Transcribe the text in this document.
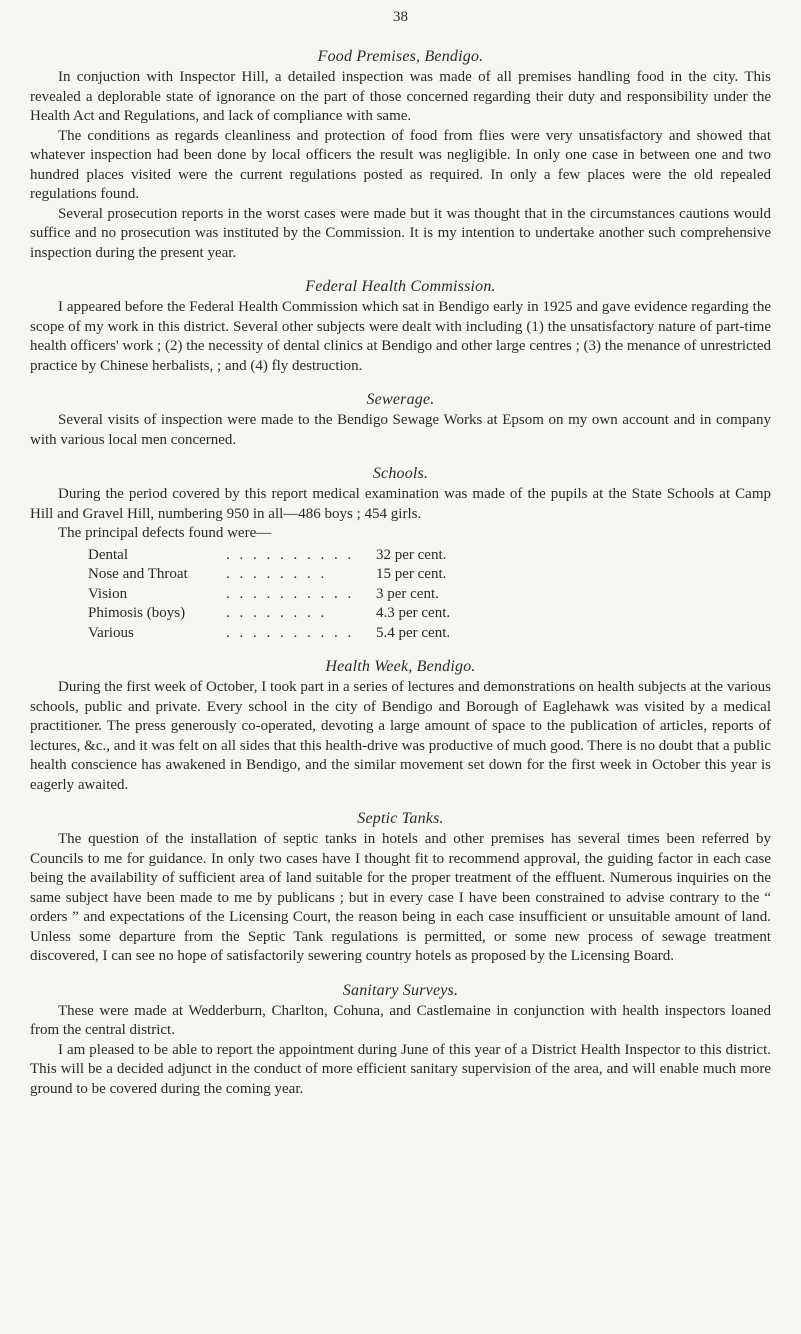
38
Food Premises, Bendigo.

In conjuction with Inspector Hill, a detailed inspection was made of all premises handling food in the city. This revealed a deplorable state of ignorance on the part of those concerned regarding their duty and responsibility under the Health Act and Regulations, and lack of compliance with same.

The conditions as regards cleanliness and protection of food from flies were very unsatisfactory and showed that whatever inspection had been done by local officers the result was negligible. In only one case in between one and two hundred places visited were the current regulations posted as required. In only a few places were the old repealed regulations found.

Several prosecution reports in the worst cases were made but it was thought that in the circumstances cautions would suffice and no prosecution was instituted by the Commission. It is my intention to undertake another such comprehensive inspection during the present year.

Federal Health Commission.

I appeared before the Federal Health Commission which sat in Bendigo early in 1925 and gave evidence regarding the scope of my work in this district. Several other subjects were dealt with including (1) the unsatisfactory nature of part-time health officers' work ; (2) the necessity of dental clinics at Bendigo and other large centres ; (3) the menance of unrestricted practice by Chinese herbalists, ; and (4) fly destruction.

Sewerage.

Several visits of inspection were made to the Bendigo Sewage Works at Epsom on my own account and in company with various local men concerned.

Schools.

During the period covered by this report medical examination was made of the pupils at the State Schools at Camp Hill and Gravel Hill, numbering 950 in all—486 boys ; 454 girls.

The principal defects found were—

Dental	. . . . . . . . . .	32 per cent.
Nose and Throat	. . . . . . . .	15 per cent.
Vision	. . . . . . . . . .	3 per cent.
Phimosis (boys)	. . . . . . . .	4.3 per cent.
Various	. . . . . . . . . .	5.4 per cent.
Health Week, Bendigo.

During the first week of October, I took part in a series of lectures and demonstrations on health subjects at the various schools, public and private. Every school in the city of Bendigo and Borough of Eaglehawk was visited by a medical practitioner. The press generously co-operated, devoting a large amount of space to the publication of articles, reports of lectures, &c., and it was felt on all sides that this health-drive was productive of much good. There is no doubt that a public health conscience has awakened in Bendigo, and the similar movement set down for the first week in October this year is eagerly awaited.

Septic Tanks.

The question of the installation of septic tanks in hotels and other premises has several times been referred by Councils to me for guidance. In only two cases have I thought fit to recommend approval, the guiding factor in each case being the availability of sufficient area of land suitable for the proper treatment of the effluent. Numerous inquiries on the same subject have been made to me by publicans ; but in every case I have been constrained to advise contrary to the “ orders ” and expectations of the Licensing Court, the reason being in each case insufficient or unsuitable amount of land. Unless some departure from the Septic Tank regulations is permitted, or some new process of sewage treatment discovered, I can see no hope of satisfactorily sewering country hotels as proposed by the Licensing Board.

Sanitary Surveys.

These were made at Wedderburn, Charlton, Cohuna, and Castlemaine in conjunction with health inspectors loaned from the central district.

I am pleased to be able to report the appointment during June of this year of a District Health Inspector to this district. This will be a decided adjunct in the conduct of more efficient sanitary supervision of the area, and will enable much more ground to be covered during the coming year.
